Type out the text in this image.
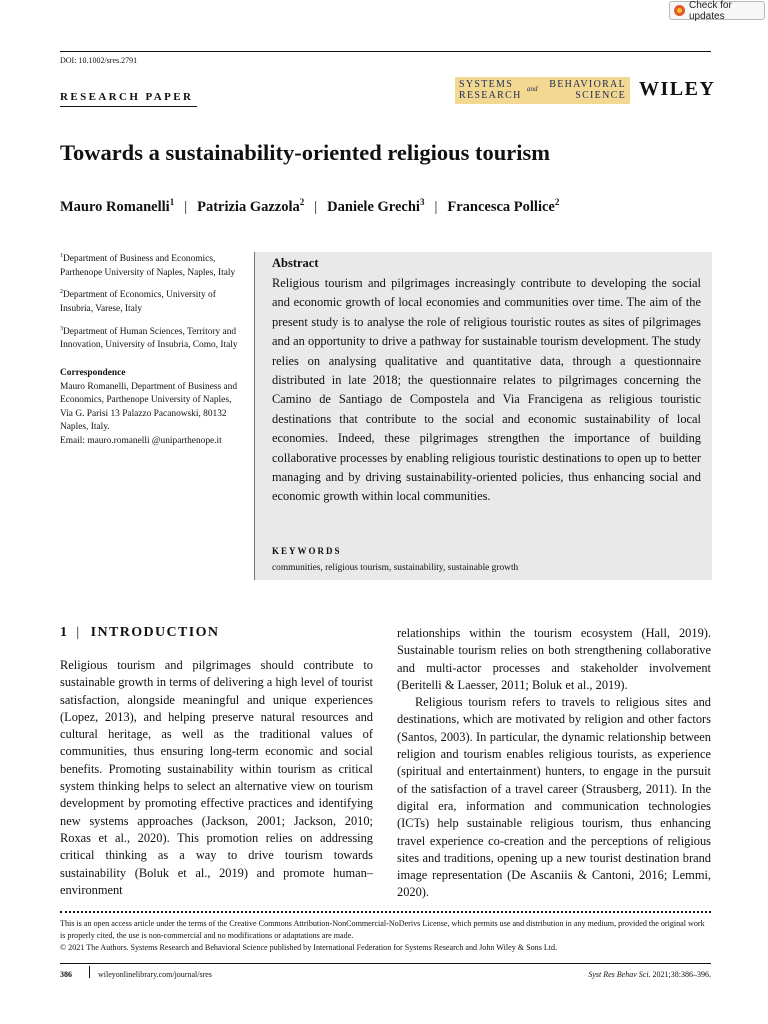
Check for updates
DOI: 10.1002/sres.2791
RESEARCH PAPER
SYSTEMS	BEHAVIORAL
RESEARCH	SCIENCE
and	WILEY
Towards a sustainability-oriented religious tourism
Mauro Romanelli$^1$ | Patrizia Gazzola$^2$ | Daniele Grechi$^3$ | Francesca Pollice$^2$

$^1$Department of Business and Economics, Parthenope University of Naples, Naples, Italy

$^2$Department of Economics, University of Insubria, Varese, Italy

$^3$Department of Human Sciences, Territory and Innovation, University of Insubria, Como, Italy

Correspondence

Mauro Romanelli, Department of Business and Economics, Parthenope University of Naples, Via G. Parisi 13 Palazzo Pacanowski, 80132 Naples, Italy.

Email: mauro.romanelli @uniparthenope.it

Abstract
Religious tourism and pilgrimages increasingly contribute to developing the social and economic growth of local economies and communities over time. The aim of the present study is to analyse the role of religious touristic routes as sites of pilgrimages and an opportunity to drive a pathway for sustainable tourism development. The study relies on analysing qualitative and quantitative data, through a questionnaire distributed in late 2018; the questionnaire relates to pilgrimages concerning the Camino de Santiago de Compostela and Via Francigena as religious touristic destinations that contribute to the social and economic sustainability of local economies. Indeed, these pilgrimages strengthen the importance of building collaborative processes by enabling religious touristic destinations to open up to better managing and by driving sustainability-oriented policies, thus enhancing social and economic growth within local communities.
KEYWORDS
communities, religious tourism, sustainability, sustainable growth
1 | INTRODUCTION

Religious tourism and pilgrimages should contribute to sustainable growth in terms of delivering a high level of tourist satisfaction, alongside meaningful and unique experiences (Lopez, 2013), and helping preserve natural resources and cultural heritage, as well as the traditional values of communities, thus ensuring long-term economic and social benefits. Promoting sustainability within tourism as critical system thinking helps to select an alternative view on tourism development by promoting effective practices and identifying new systems approaches (Jackson, 2001; Jackson, 2010; Roxas et al., 2020). This promotion relies on addressing critical thinking as a way to drive tourism towards sustainability (Boluk et al., 2019) and promote human–environment

relationships within the tourism ecosystem (Hall, 2019). Sustainable tourism relies on both strengthening collaborative and multi-actor processes and stakeholder involvement (Beritelli & Laesser, 2011; Boluk et al., 2019).

Religious tourism refers to travels to religious sites and destinations, which are motivated by religion and other factors (Santos, 2003). In particular, the dynamic relationship between religion and tourism enables religious tourists, as experience (spiritual and entertainment) hunters, to engage in the pursuit of the satisfaction of a travel career (Strausberg, 2011). In the digital era, information and communication technologies (ICTs) help sustainable religious tourism, thus enhancing travel experience co-creation and the perceptions of religious sites and traditions, opening up a new tourist destination brand image representation (De Ascaniis & Cantoni, 2016; Lemmi, 2020).

This is an open access article under the terms of the Creative Commons Attribution-NonCommercial-NoDerivs License, which permits use and distribution in any medium, provided the original work is properly cited, the use is non-commercial and no modifications or adaptations are made.
© 2021 The Authors. Systems Research and Behavioral Science published by International Federation for Systems Research and John Wiley & Sons Ltd.
386	wileyonlinelibrary.com/journal/sres	Syst Res Behav Sci. 2021;38:386–396.
